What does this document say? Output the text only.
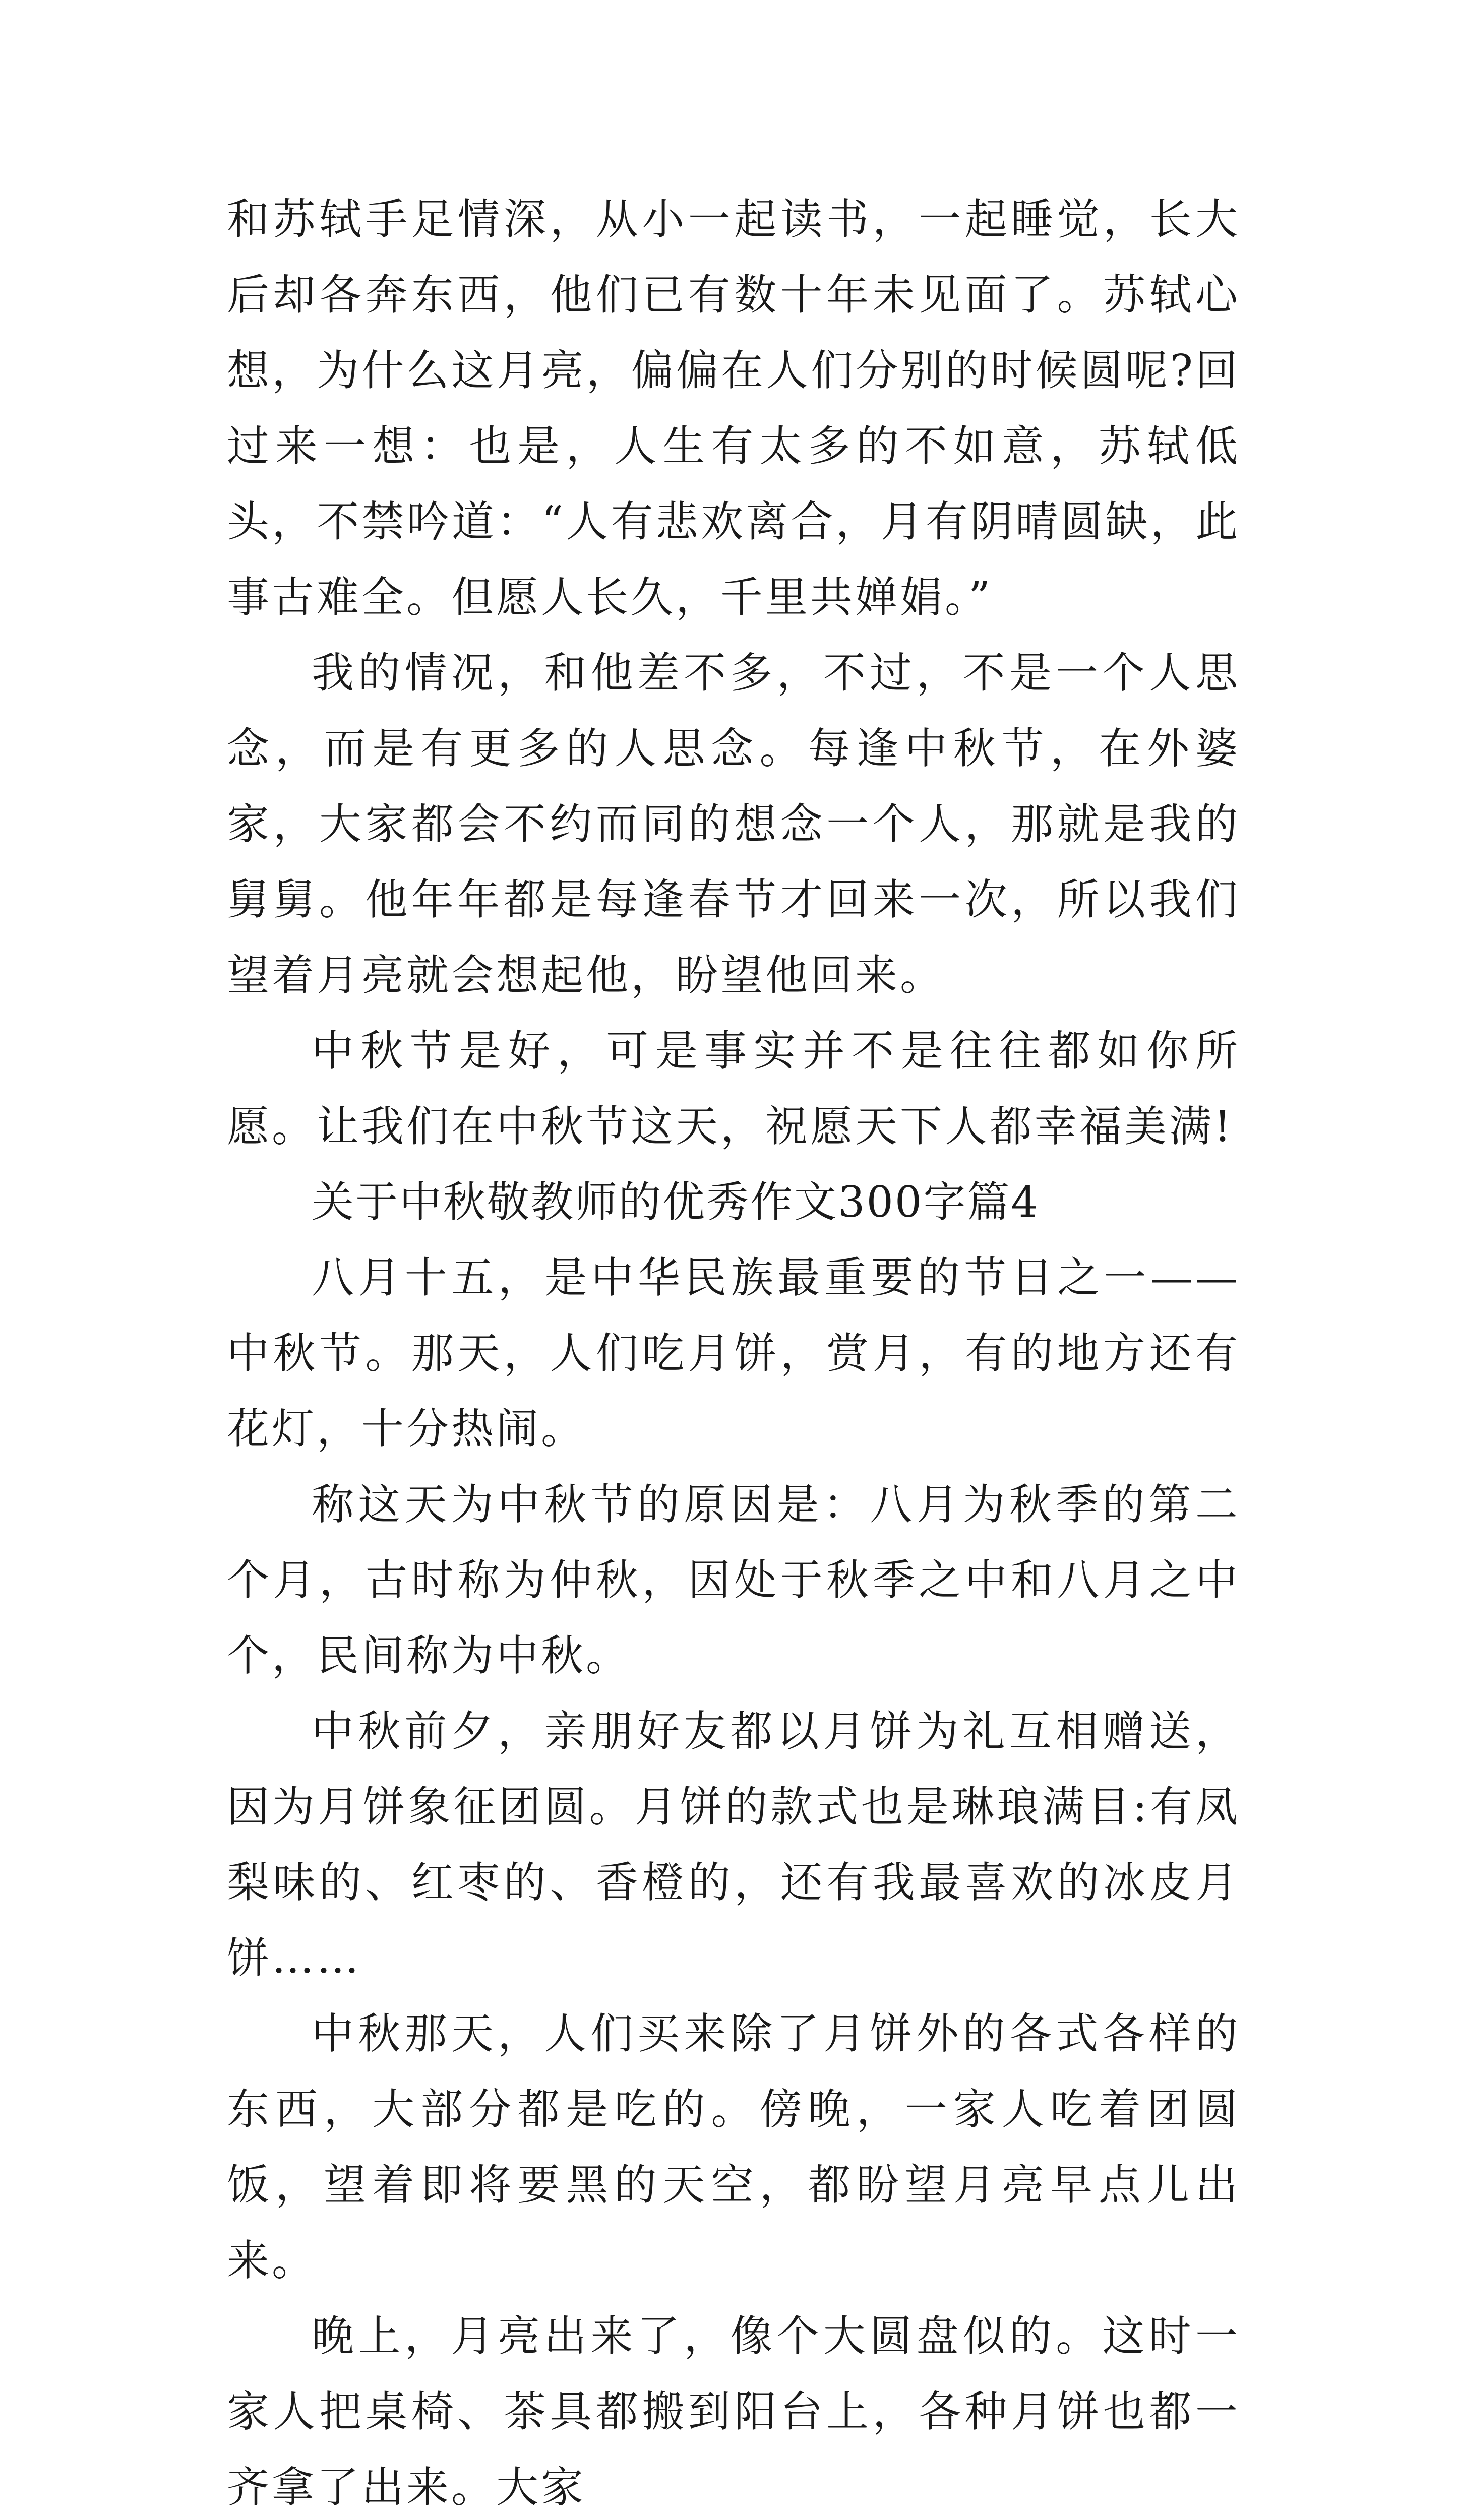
和苏轼手足情深，从小一起读书，一起睡觉，长大后却各奔东西，他们已有数十年未见面了。苏轼心想，为什么这月亮，偏偏在人们分别的时候圆呢?回过来一想：也是，人生有太多的不如意，苏轼低头，不禁吟道：“人有悲欢离合，月有阴晴圆缺，此事古难全。但愿人长久，千里共婵娟。”

我的情况，和他差不多，不过，不是一个人思念，而是有更多的人思念。每逢中秋节，在外婆家，大家都会不约而同的想念一个人，那就是我的舅舅。他年年都是每逢春节才回来一次，所以我们望着月亮就会想起他，盼望他回来。

中秋节是好，可是事实并不是往往都如你所愿。让我们在中秋节这天，祝愿天下人都幸福美满!

关于中秋敬教师的优秀作文300字篇4

八月十五，是中华民族最重要的节日之一——中秋节。那天，人们吃月饼，赏月，有的地方还有花灯，十分热闹。

称这天为中秋节的原因是：八月为秋季的第二个月，古时称为仲秋，因处于秋季之中和八月之中个，民间称为中秋。

中秋前夕，亲朋好友都以月饼为礼互相赠送，因为月饼象征团圆。月饼的款式也是琳琅满目:有凤梨味的、红枣的、香橙的，还有我最喜欢的冰皮月饼……

中秋那天，人们买来除了月饼外的各式各样的东西，大部分都是吃的。傍晚，一家人吃着团圆饭，望着即将要黑的天空，都盼望月亮早点儿出来。

晚上，月亮出来了，像个大圆盘似的。这时一家人把桌椅、茶具都搬到阳台上，各种月饼也都一齐拿了出来。大家
